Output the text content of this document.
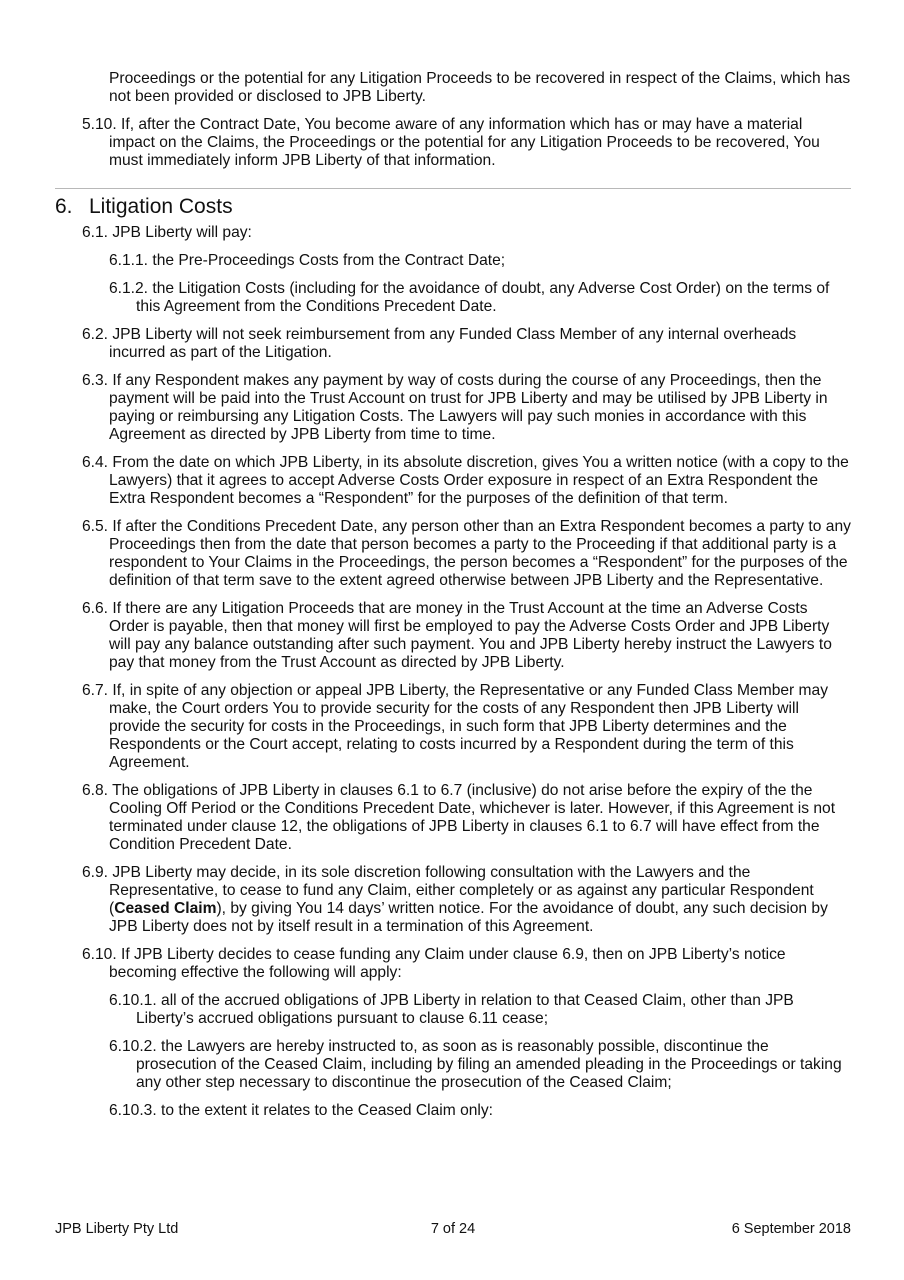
Proceedings or the potential for any Litigation Proceeds to be recovered in respect of the Claims, which has not been provided or disclosed to JPB Liberty.

5.10. If, after the Contract Date, You become aware of any information which has or may have a material impact on the Claims, the Proceedings or the potential for any Litigation Proceeds to be recovered, You must immediately inform JPB Liberty of that information.

6. Litigation Costs

6.1. JPB Liberty will pay:

6.1.1. the Pre-Proceedings Costs from the Contract Date;

6.1.2. the Litigation Costs (including for the avoidance of doubt, any Adverse Cost Order) on the terms of this Agreement from the Conditions Precedent Date.

6.2. JPB Liberty will not seek reimbursement from any Funded Class Member of any internal overheads incurred as part of the Litigation.

6.3. If any Respondent makes any payment by way of costs during the course of any Proceedings, then the payment will be paid into the Trust Account on trust for JPB Liberty and may be utilised by JPB Liberty in paying or reimbursing any Litigation Costs. The Lawyers will pay such monies in accordance with this Agreement as directed by JPB Liberty from time to time.

6.4. From the date on which JPB Liberty, in its absolute discretion, gives You a written notice (with a copy to the Lawyers) that it agrees to accept Adverse Costs Order exposure in respect of an Extra Respondent the Extra Respondent becomes a “Respondent” for the purposes of the definition of that term.

6.5. If after the Conditions Precedent Date, any person other than an Extra Respondent becomes a party to any Proceedings then from the date that person becomes a party to the Proceeding if that additional party is a respondent to Your Claims in the Proceedings, the person becomes a “Respondent” for the purposes of the definition of that term save to the extent agreed otherwise between JPB Liberty and the Representative.

6.6. If there are any Litigation Proceeds that are money in the Trust Account at the time an Adverse Costs Order is payable, then that money will first be employed to pay the Adverse Costs Order and JPB Liberty will pay any balance outstanding after such payment. You and JPB Liberty hereby instruct the Lawyers to pay that money from the Trust Account as directed by JPB Liberty.

6.7. If, in spite of any objection or appeal JPB Liberty, the Representative or any Funded Class Member may make, the Court orders You to provide security for the costs of any Respondent then JPB Liberty will provide the security for costs in the Proceedings, in such form that JPB Liberty determines and the Respondents or the Court accept, relating to costs incurred by a Respondent during the term of this Agreement.

6.8. The obligations of JPB Liberty in clauses 6.1 to 6.7 (inclusive) do not arise before the expiry of the the Cooling Off Period or the Conditions Precedent Date, whichever is later. However, if this Agreement is not terminated under clause 12, the obligations of JPB Liberty in clauses 6.1 to 6.7 will have effect from the Condition Precedent Date.

6.9. JPB Liberty may decide, in its sole discretion following consultation with the Lawyers and the Representative, to cease to fund any Claim, either completely or as against any particular Respondent (Ceased Claim), by giving You 14 days’ written notice. For the avoidance of doubt, any such decision by JPB Liberty does not by itself result in a termination of this Agreement.

6.10. If JPB Liberty decides to cease funding any Claim under clause 6.9, then on JPB Liberty’s notice becoming effective the following will apply:

6.10.1. all of the accrued obligations of JPB Liberty in relation to that Ceased Claim, other than JPB Liberty’s accrued obligations pursuant to clause 6.11 cease;

6.10.2. the Lawyers are hereby instructed to, as soon as is reasonably possible, discontinue the prosecution of the Ceased Claim, including by filing an amended pleading in the Proceedings or taking any other step necessary to discontinue the prosecution of the Ceased Claim;

6.10.3. to the extent it relates to the Ceased Claim only:

JPB Liberty Pty Ltd	7 of 24	6 September 2018
